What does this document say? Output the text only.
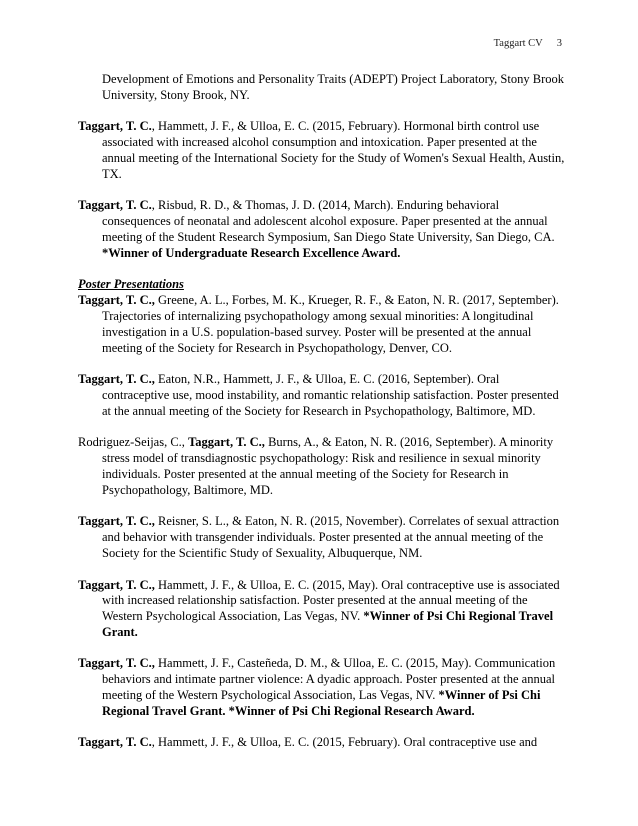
Taggart CV 3

Development of Emotions and Personality Traits (ADEPT) Project Laboratory, Stony Brook University, Stony Brook, NY.

Taggart, T. C., Hammett, J. F., & Ulloa, E. C. (2015, February). Hormonal birth control use associated with increased alcohol consumption and intoxication. Paper presented at the annual meeting of the International Society for the Study of Women's Sexual Health, Austin, TX.

Taggart, T. C., Risbud, R. D., & Thomas, J. D. (2014, March). Enduring behavioral consequences of neonatal and adolescent alcohol exposure. Paper presented at the annual meeting of the Student Research Symposium, San Diego State University, San Diego, CA. *Winner of Undergraduate Research Excellence Award.

Poster Presentations

Taggart, T. C., Greene, A. L., Forbes, M. K., Krueger, R. F., & Eaton, N. R. (2017, September). Trajectories of internalizing psychopathology among sexual minorities: A longitudinal investigation in a U.S. population-based survey. Poster will be presented at the annual meeting of the Society for Research in Psychopathology, Denver, CO.

Taggart, T. C., Eaton, N.R., Hammett, J. F., & Ulloa, E. C. (2016, September). Oral contraceptive use, mood instability, and romantic relationship satisfaction. Poster presented at the annual meeting of the Society for Research in Psychopathology, Baltimore, MD.

Rodriguez-Seijas, C., Taggart, T. C., Burns, A., & Eaton, N. R. (2016, September). A minority stress model of transdiagnostic psychopathology: Risk and resilience in sexual minority individuals. Poster presented at the annual meeting of the Society for Research in Psychopathology, Baltimore, MD.

Taggart, T. C., Reisner, S. L., & Eaton, N. R. (2015, November). Correlates of sexual attraction and behavior with transgender individuals. Poster presented at the annual meeting of the Society for the Scientific Study of Sexuality, Albuquerque, NM.

Taggart, T. C., Hammett, J. F., & Ulloa, E. C. (2015, May). Oral contraceptive use is associated with increased relationship satisfaction. Poster presented at the annual meeting of the Western Psychological Association, Las Vegas, NV. *Winner of Psi Chi Regional Travel Grant.

Taggart, T. C., Hammett, J. F., Casteñeda, D. M., & Ulloa, E. C. (2015, May). Communication behaviors and intimate partner violence: A dyadic approach. Poster presented at the annual meeting of the Western Psychological Association, Las Vegas, NV. *Winner of Psi Chi Regional Travel Grant. *Winner of Psi Chi Regional Research Award.

Taggart, T. C., Hammett, J. F., & Ulloa, E. C. (2015, February). Oral contraceptive use and
